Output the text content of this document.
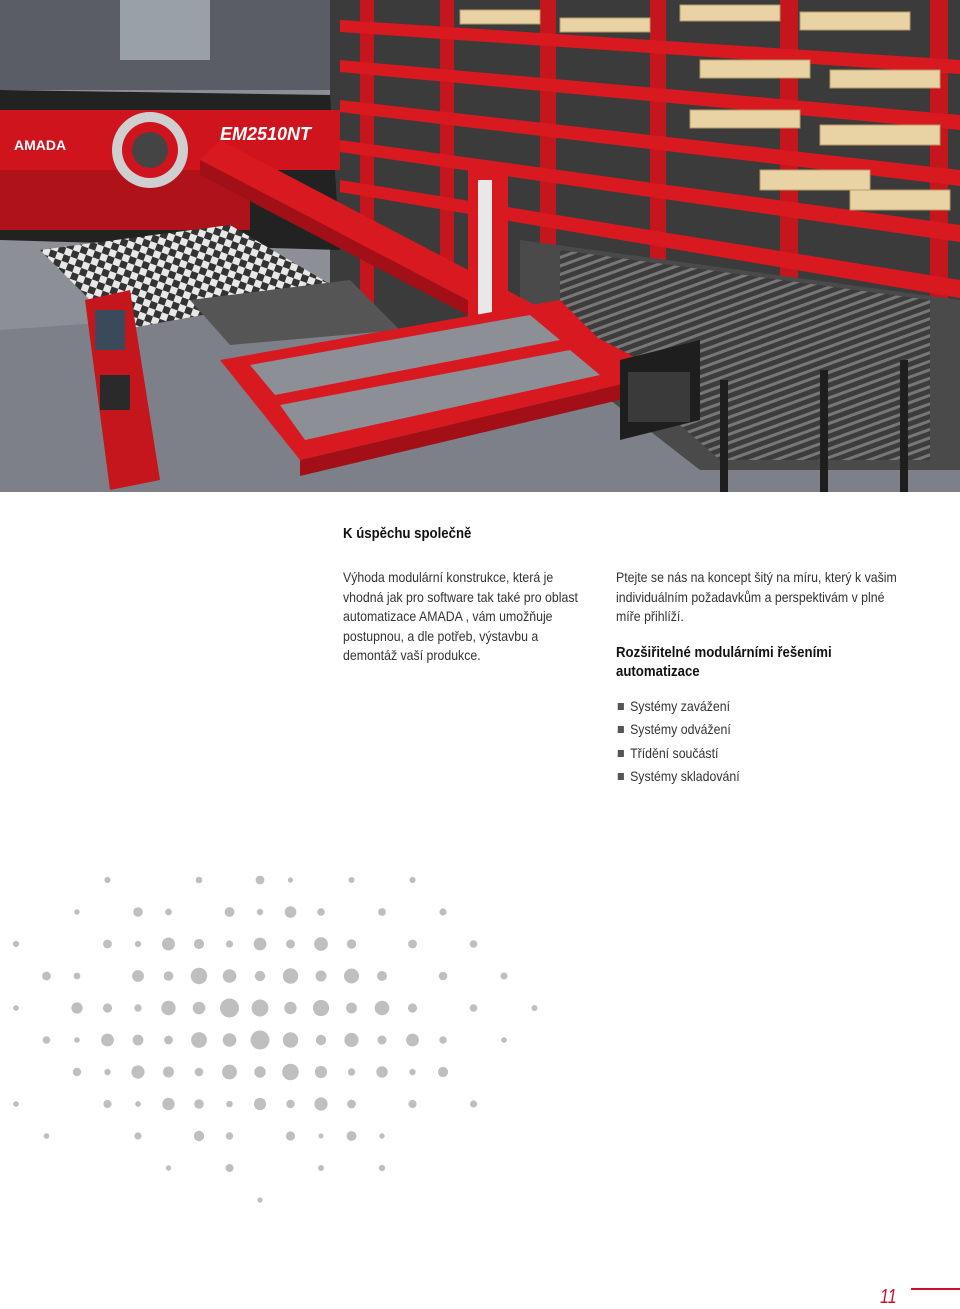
AMADA
EM2510NT
K úspěchu společně
Výhoda modulární konstrukce, která je vhodná jak pro software tak také pro oblast automatizace AMADA , vám umožňuje postupnou, a dle potřeb, výstavbu a demontáž vaší produkce.
Ptejte se nás na koncept šitý na míru, který k vašim individuálním požadavkům a perspektivám v plné míře přihlíží.
Rozšiřitelné modulárními řešeními automatizace
Systémy zavážení
Systémy odvážení
Třídění součástí
Systémy skladování
11
